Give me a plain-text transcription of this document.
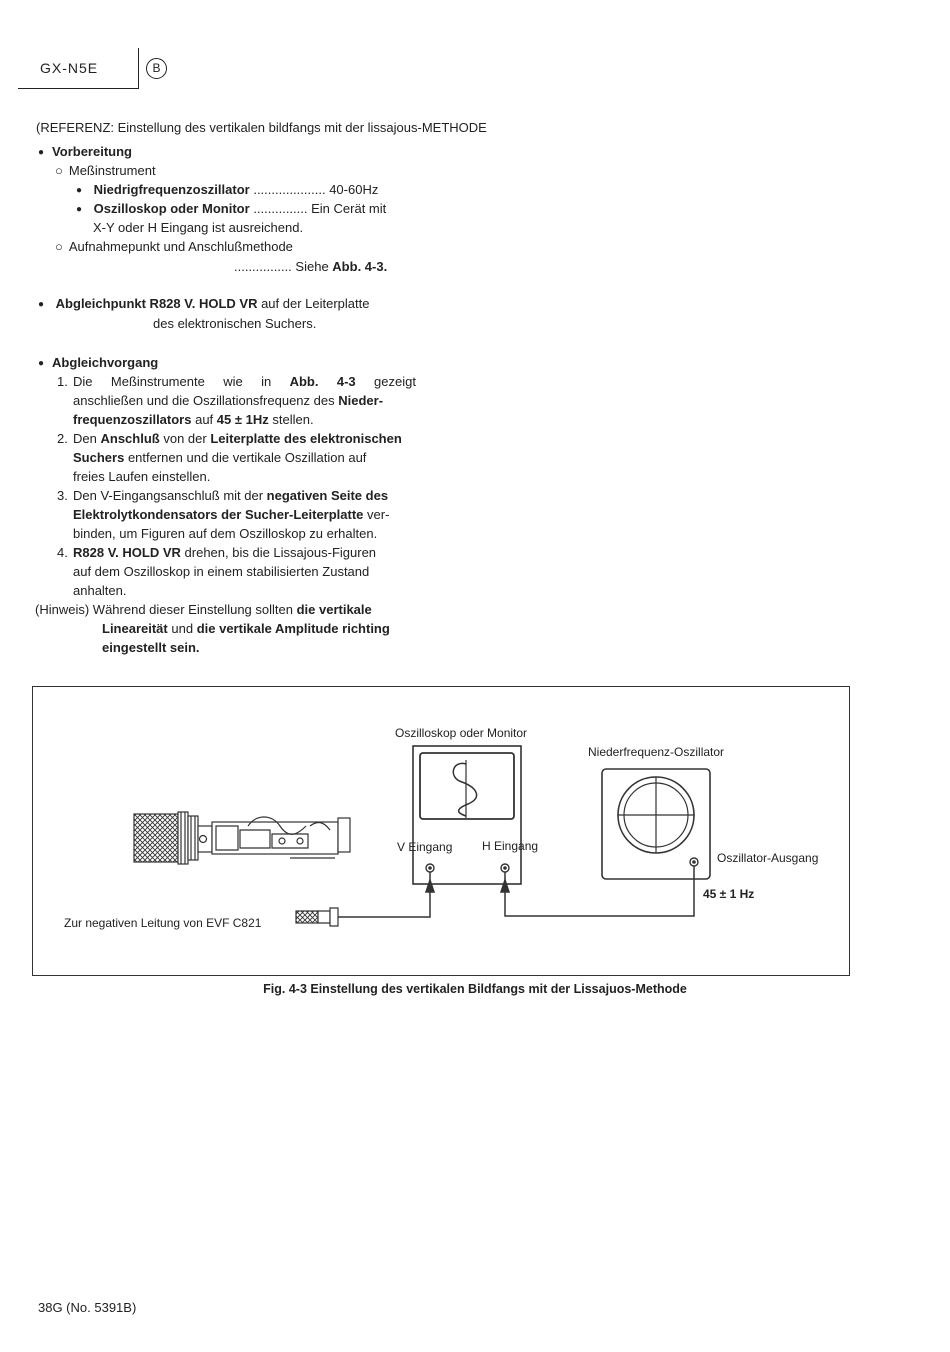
GX-N5E	B
(REFERENZ: Einstellung des vertikalen bildfangs mit der lissajous-METHODE
● Vorbereitung
○ Meßinstrument
● Niedrigfrequenzoszillator .................... 40-60Hz
● Oszilloskop oder Monitor ............... Ein Cerät mit
X-Y oder H Eingang ist ausreichend.
○ Aufnahmepunkt und Anschlußmethode
................ Siehe Abb. 4-3.
● Abgleichpunkt R828 V. HOLD VR auf der Leiterplatte
des elektronischen Suchers.
● Abgleichvorgang
1. Die Meßinstrumente wie in Abb. 4-3 gezeigt
anschließen und die Oszillationsfrequenz des Nieder-
frequenzoszillators auf 45 ± 1Hz stellen.
2. Den Anschluß von der Leiterplatte des elektronischen
Suchers entfernen und die vertikale Oszillation auf
freies Laufen einstellen.
3. Den V-Eingangsanschluß mit der negativen Seite des
Elektrolytkondensators der Sucher-Leiterplatte ver-
binden, um Figuren auf dem Oszilloskop zu erhalten.
4. R828 V. HOLD VR drehen, bis die Lissajous-Figuren
auf dem Oszilloskop in einem stabilisierten Zustand
anhalten.
(Hinweis) Während dieser Einstellung sollten die vertikale
Lineareität und die vertikale Amplitude richting
eingestellt sein.
Oszilloskop oder Monitor
Niederfrequenz-Oszillator
V Eingang H Eingang
Oszillator-Ausgang
45 ± 1 Hz
Zur negativen Leitung von EVF C821
Fig. 4-3 Einstellung des vertikalen Bildfangs mit der Lissajuos-Methode
38G (No. 5391B)
